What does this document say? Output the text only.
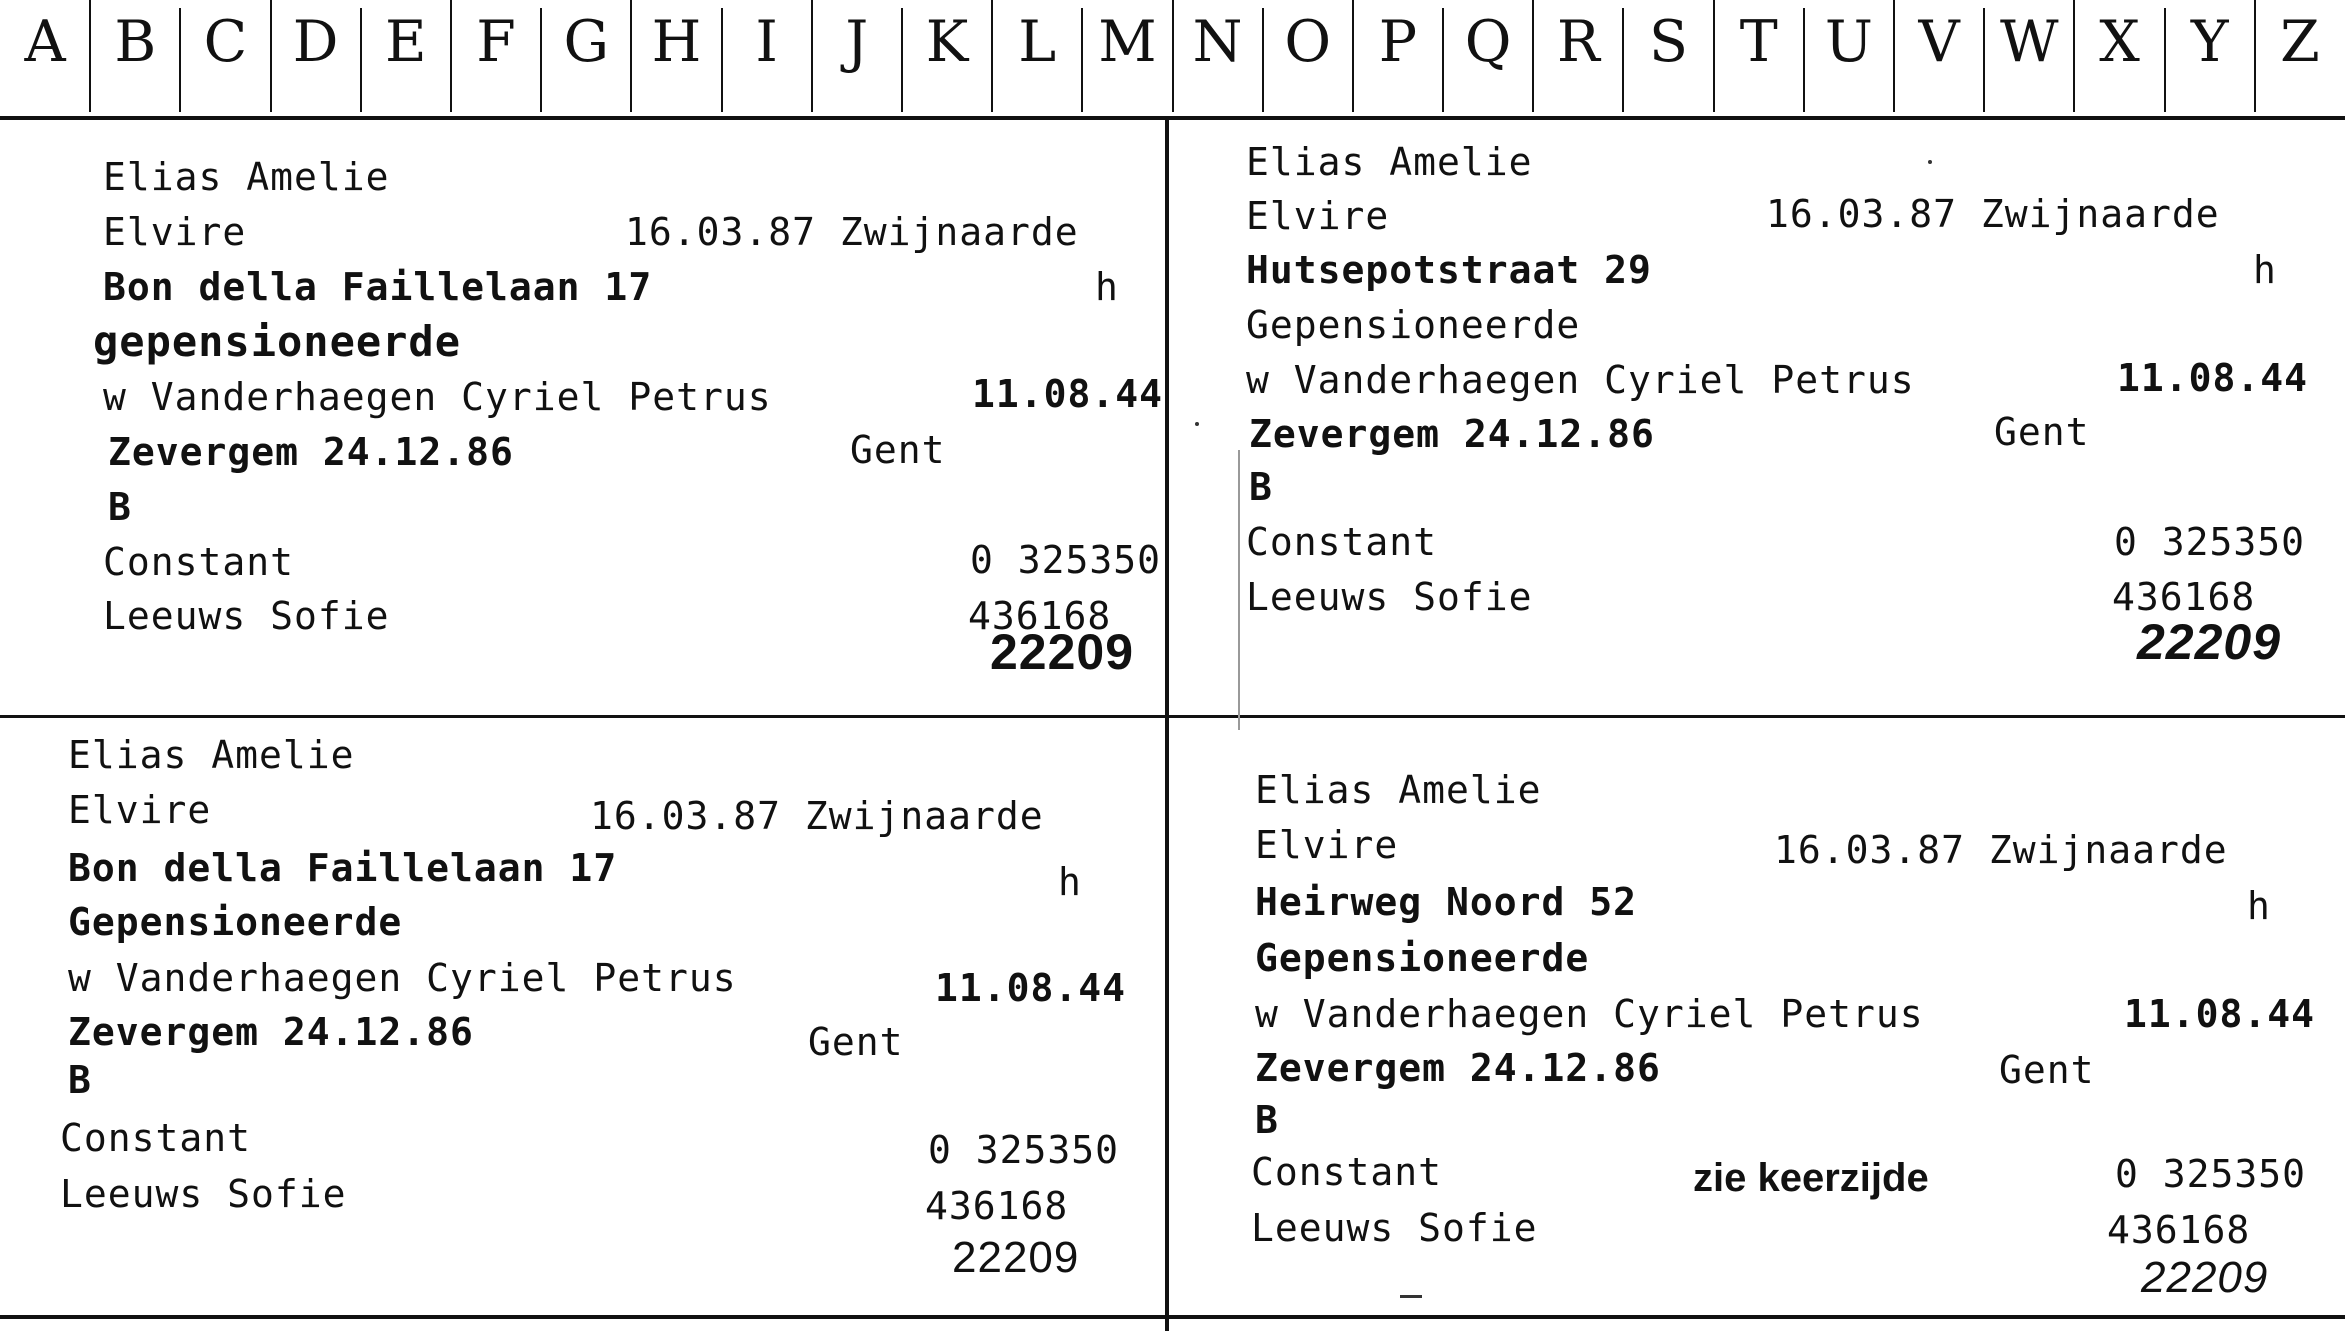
A B C D E F G H I	J	K L M N O P Q R S T U V W X Y Z
Elias Amelie
Elvire	16.03.87 Zwijnaarde
Bon della Faillelaan 17	h
gepensioneerde
w Vanderhaegen Cyriel Petrus	11.08.44
Zevergem 24.12.86	Gent
B
Constant	0 325350
Leeuws Sofie	436168
22209
Elias Amelie
Elvire	16.03.87 Zwijnaarde
Hutsepotstraat 29	h
Gepensioneerde
w Vanderhaegen Cyriel Petrus	11.08.44
Zevergem 24.12.86	Gent
B
Constant	0 325350
Leeuws Sofie	436168
22209
Elias Amelie
Elvire	16.03.87 Zwijnaarde
Bon della Faillelaan 17	h
Gepensioneerde
w Vanderhaegen Cyriel Petrus	11.08.44
Zevergem 24.12.86	Gent
B
Constant	0 325350
Leeuws Sofie	436168
22209
Elias Amelie
Elvire	16.03.87 Zwijnaarde
Heirweg Noord 52	h
Gepensioneerde
w Vanderhaegen Cyriel Petrus	11.08.44
Zevergem 24.12.86	Gent
B
Constant	zie keerzijde	0 325350
Leeuws Sofie	436168
22209
